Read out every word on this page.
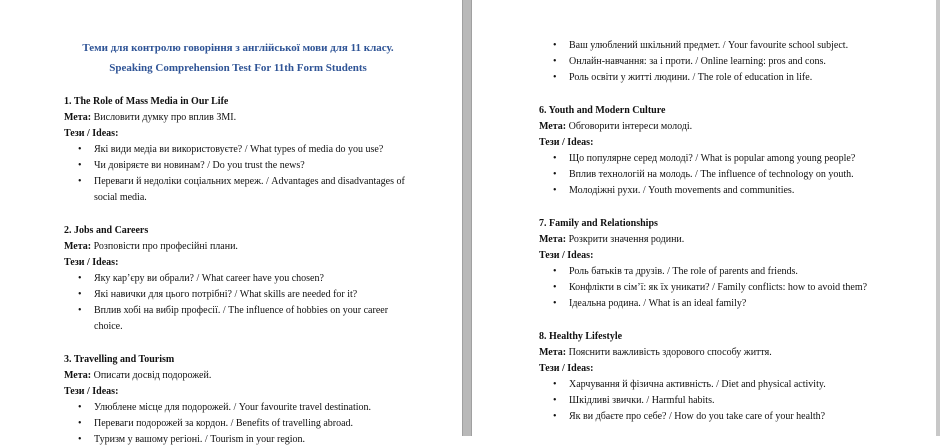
Теми для контролю говоріння з англійської мови для 11 класу.

Speaking Comprehension Test For 11th Form Students

1. The Role of Mass Media in Our Life

Мета: Висловити думку про вплив ЗМІ.

Тези / Ideas:

• Які види медіа ви використовуєте? / What types of media do you use?
• Чи довіряєте ви новинам? / Do you trust the news?
• Переваги й недоліки соціальних мереж. / Advantages and disadvantages of social media.

2. Jobs and Careers

Мета: Розповісти про професійні плани.

Тези / Ideas:

• Яку кар’єру ви обрали? / What career have you chosen?
• Які навички для цього потрібні? / What skills are needed for it?
• Вплив хобі на вибір професії. / The influence of hobbies on your career choice.

3. Travelling and Tourism

Мета: Описати досвід подорожей.

Тези / Ideas:

• Улюблене місце для подорожей. / Your favourite travel destination.
• Переваги подорожей за кордон. / Benefits of travelling abroad.
• Туризм у вашому регіоні. / Tourism in your region.
• Ваш улюблений шкільний предмет. / Your favourite school subject.
• Онлайн-навчання: за і проти. / Online learning: pros and cons.
• Роль освіти у житті людини. / The role of education in life.

6. Youth and Modern Culture

Мета: Обговорити інтереси молоді.

Тези / Ideas:

• Що популярне серед молоді? / What is popular among young people?
• Вплив технологій на молодь. / The influence of technology on youth.
• Молодіжні рухи. / Youth movements and communities.

7. Family and Relationships

Мета: Розкрити значення родини.

Тези / Ideas:

• Роль батьків та друзів. / The role of parents and friends.
• Конфлікти в сім’ї: як їх уникати? / Family conflicts: how to avoid them?
• Ідеальна родина. / What is an ideal family?

8. Healthy Lifestyle

Мета: Пояснити важливість здорового способу життя.

Тези / Ideas:

• Харчування й фізична активність. / Diet and physical activity.
• Шкідливі звички. / Harmful habits.
• Як ви дбаєте про себе? / How do you take care of your health?
